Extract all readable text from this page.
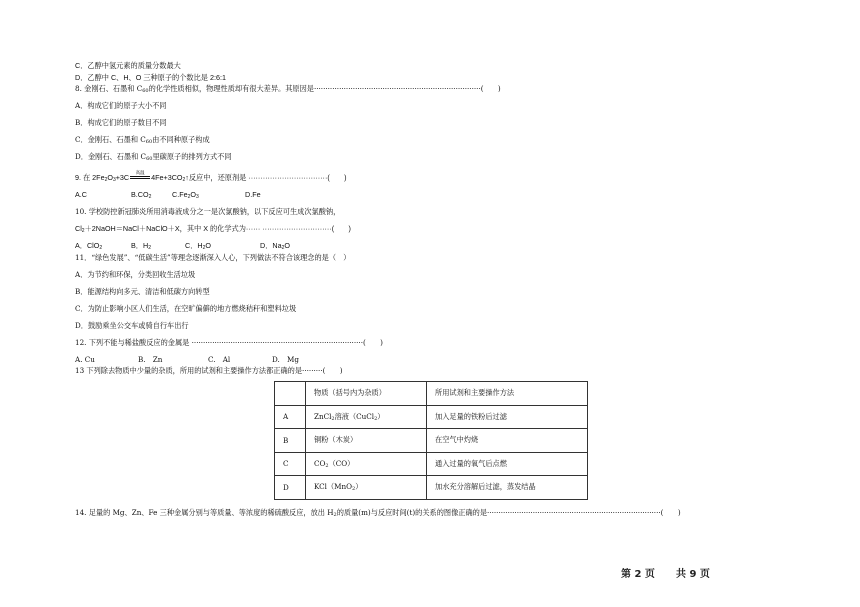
C．乙醇中氢元素的质量分数最大
D．乙醇中 C、H、O 三种原子的个数比是 2:6:1
8. 金刚石、石墨和 $C_{60}$的化学性质相似，物理性质却有很大差异。其原因是·········································································(　　)
A．构成它们的原子大小不同
B．构成它们的原子数目不同
C．金刚石、石墨和 $C_{60}$由不同种原子构成
D．金刚石、石墨和 $C_{60}$里碳原子的排列方式不同
9. 在 $2Fe_2O_3+3C$
高温
$4Fe+3CO_2↑$反应中，还原剂是 ·································(　　)
A.C	$B.CO_2$	$C.Fe_2O_3$	D.Fe
10. 学校防控新冠肺炎所用消毒液成分之一是次氯酸钠，以下反应可生成次氯酸钠，
$Cl_2+2NaOH=NaCl+NaClO+X$，其中 X 的化学式为······ ·····························(　　)
A．ClO$_2$	B．$H_2$	C．$H_2O$	D．$Na_2O$
11．“绿色发展”、“低碳生活”等理念逐渐深入人心，下列做法不符合该理念的是（　）
A．为节约和环保，分类回收生活垃圾
B．能源结构向多元、清洁和低碳方向转型
C．为防止影响小区人们生活，在空旷偏僻的地方燃烧秸秆和塑料垃圾
D．鼓励乘坐公交车或骑自行车出行
12. 下列不能与稀盐酸反应的金属是 ···········································································(　　)
A. Cu	B.　Zn	C.　Al	D.　Mg
13 下列除去物质中少量的杂质，所用的试剂和主要操作方法都正确的是·········(　　)
	物质（括号内为杂质）	所用试剂和主要操作方法
A	ZnCl$_2$溶液（CuCl$_2$）	加入足量的铁粉后过滤
B	铜粉（木炭）	在空气中灼烧
C	$CO_2(CO)$	通入过量的氧气后点燃
D	KCl（MnO$_2$）	加水充分溶解后过滤，蒸发结晶
14. 足量的 Mg、Zn、Fe 三种金属分别与等质量、等浓度的稀硫酸反应，放出 $H_2$的质量(m)与反应时间(t)的关系的图像正确的是············································································(　　)
第 2 页 共 9 页
